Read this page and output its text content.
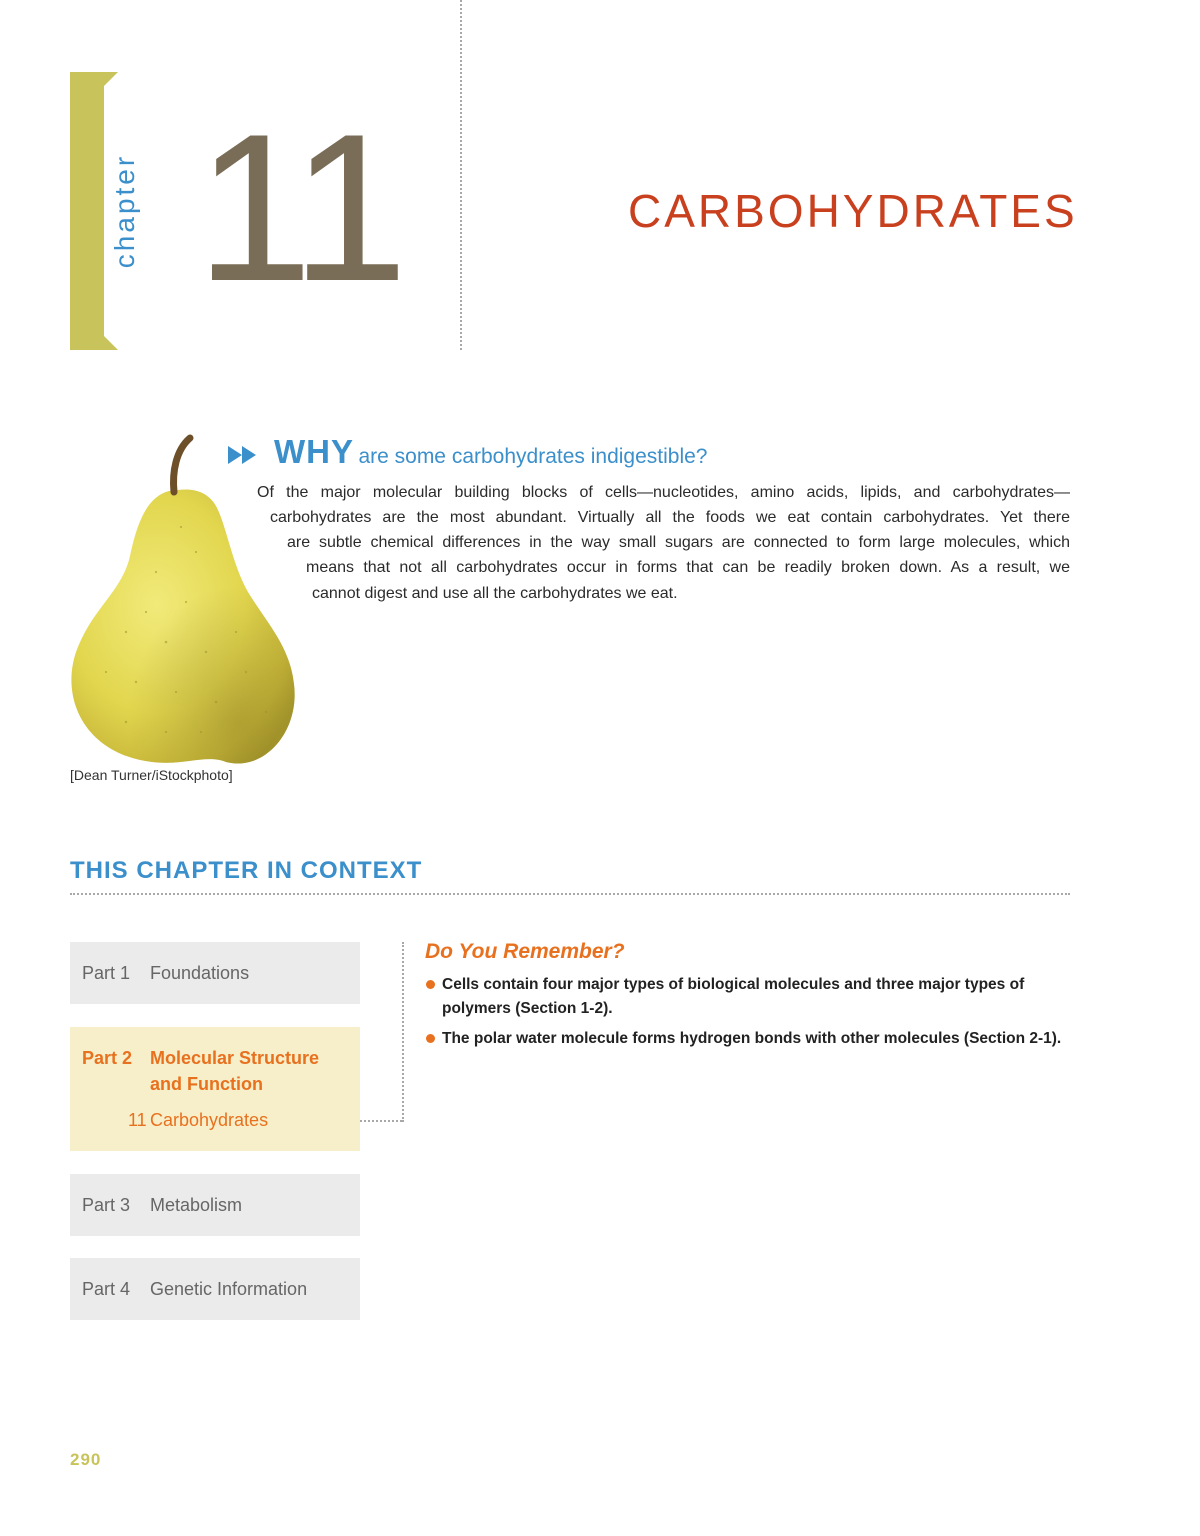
chapter 11	CARBOHYDRATES
[Dean Turner/iStockphoto]
WHY are some carbohydrates indigestible?
Of the major molecular building blocks of cells—nucleotides, amino acids, lipids, and carbohydrates—
carbohydrates are the most abundant. Virtually all the foods we eat contain carbohydrates. Yet there
are subtle chemical differences in the way small sugars are connected to form large molecules, which
means that not all carbohydrates occur in forms that can be readily broken down. As a result, we
cannot digest and use all the carbohydrates we eat.
THIS CHAPTER IN CONTEXT
Part 1 Foundations
Part 2 Molecular Structure
and Function
11 Carbohydrates
Part 3 Metabolism
Part 4 Genetic Information
Do You Remember?
Cells contain four major types of biological molecules and three major types of polymers (Section 1-2).
The polar water molecule forms hydrogen bonds with other molecules (Section 2-1).
290
